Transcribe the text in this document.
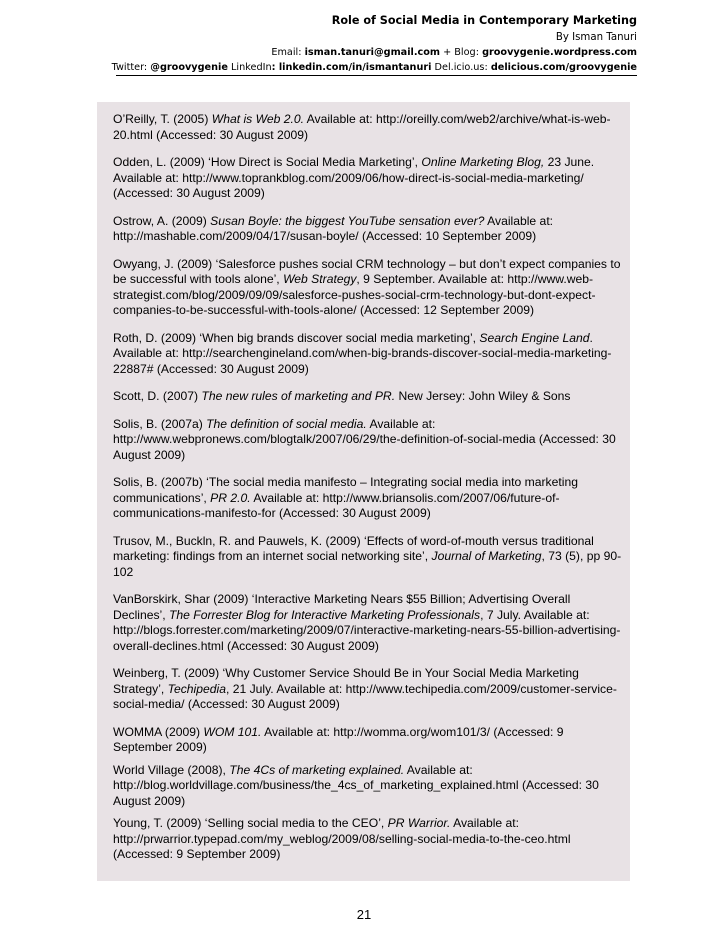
Role of Social Media in Contemporary Marketing
By Isman Tanuri
Email: isman.tanuri@gmail.com + Blog: groovygenie.wordpress.com
Twitter: @groovygenie LinkedIn: linkedin.com/in/ismantanuri Del.icio.us: delicious.com/groovygenie
O’Reilly, T. (2005) What is Web 2.0. Available at: http://oreilly.com/web2/archive/what-is-web-20.html (Accessed: 30 August 2009)
Odden, L. (2009) ‘How Direct is Social Media Marketing’, Online Marketing Blog, 23 June. Available at: http://www.toprankblog.com/2009/06/how-direct-is-social-media-marketing/ (Accessed: 30 August 2009)
Ostrow, A. (2009) Susan Boyle: the biggest YouTube sensation ever? Available at: http://mashable.com/2009/04/17/susan-boyle/ (Accessed: 10 September 2009)
Owyang, J. (2009) ‘Salesforce pushes social CRM technology – but don’t expect companies to be successful with tools alone’, Web Strategy, 9 September. Available at: http://www.web-strategist.com/blog/2009/09/09/salesforce-pushes-social-crm-technology-but-dont-expect-companies-to-be-successful-with-tools-alone/ (Accessed: 12 September 2009)
Roth, D. (2009) ‘When big brands discover social media marketing’, Search Engine Land. Available at: http://searchengineland.com/when-big-brands-discover-social-media-marketing-22887# (Accessed: 30 August 2009)
Scott, D. (2007) The new rules of marketing and PR. New Jersey: John Wiley & Sons
Solis, B. (2007a) The definition of social media. Available at: http://www.webpronews.com/blogtalk/2007/06/29/the-definition-of-social-media (Accessed: 30 August 2009)
Solis, B. (2007b) ‘The social media manifesto – Integrating social media into marketing communications’, PR 2.0. Available at: http://www.briansolis.com/2007/06/future-of-communications-manifesto-for (Accessed: 30 August 2009)
Trusov, M., Buckln, R. and Pauwels, K. (2009) ‘Effects of word-of-mouth versus traditional marketing: findings from an internet social networking site’, Journal of Marketing, 73 (5), pp 90-102
VanBorskirk, Shar (2009) ‘Interactive Marketing Nears $55 Billion; Advertising Overall Declines’, The Forrester Blog for Interactive Marketing Professionals, 7 July. Available at: http://blogs.forrester.com/marketing/2009/07/interactive-marketing-nears-55-billion-advertising-overall-declines.html (Accessed: 30 August 2009)
Weinberg, T. (2009) ‘Why Customer Service Should Be in Your Social Media Marketing Strategy’, Techipedia, 21 July. Available at: http://www.techipedia.com/2009/customer-service-social-media/ (Accessed: 30 August 2009)
WOMMA (2009) WOM 101. Available at: http://womma.org/wom101/3/ (Accessed: 9 September 2009)
World Village (2008), The 4Cs of marketing explained. Available at: http://blog.worldvillage.com/business/the_4cs_of_marketing_explained.html (Accessed: 30 August 2009)
Young, T. (2009) ‘Selling social media to the CEO’, PR Warrior. Available at: http://prwarrior.typepad.com/my_weblog/2009/08/selling-social-media-to-the-ceo.html (Accessed: 9 September 2009)
21
